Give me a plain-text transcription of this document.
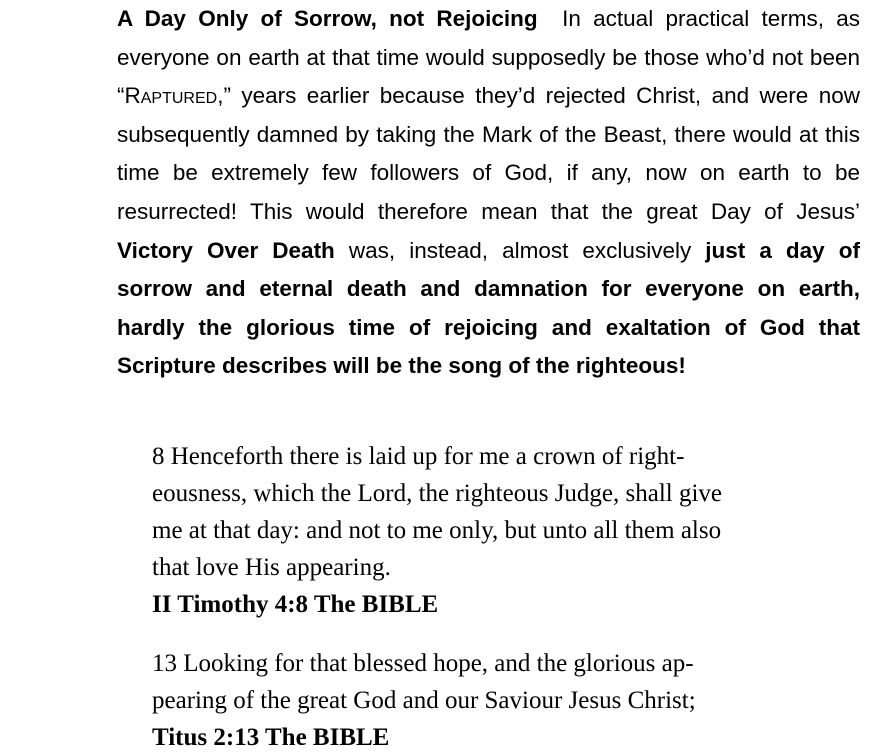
A Day Only of Sorrow, not Rejoicing In actual practical terms, as everyone on earth at that time would supposedly be those who’d not been “Raptured,” years earlier because they’d rejected Christ, and were now subsequently damned by taking the Mark of the Beast, there would at this time be extremely few followers of God, if any, now on earth to be resurrected! This would therefore mean that the great Day of Jesus’ Victory Over Death was, instead, almost exclusively just a day of sorrow and eternal death and damnation for everyone on earth, hardly the glorious time of rejoicing and exaltation of God that Scripture describes will be the song of the righteous!

8 Henceforth there is laid up for me a crown of right-
eousness, which the Lord, the righteous Judge, shall give
me at that day: and not to me only, but unto all them also
that love His appearing.
II Timothy 4:8 The BIBLE
13 Looking for that blessed hope, and the glorious ap-
pearing of the great God and our Saviour Jesus Christ;
Titus 2:13 The BIBLE
